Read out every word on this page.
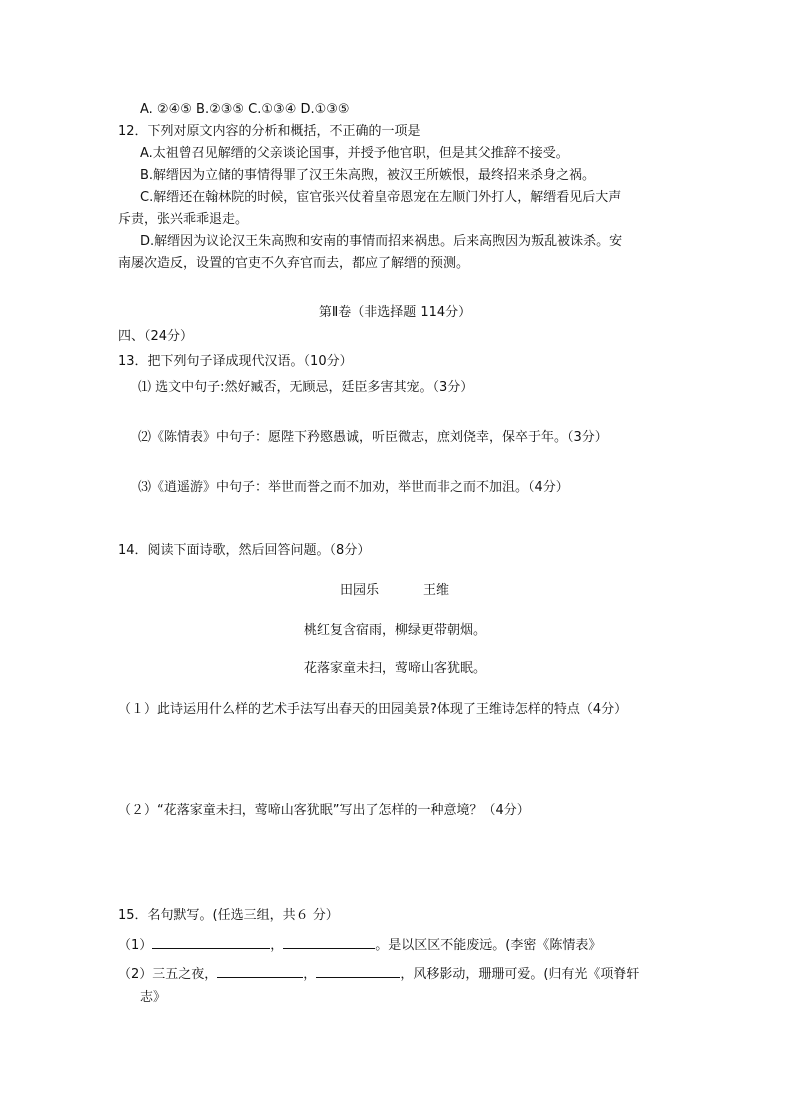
A. ②④⑤ B.②③⑤ C.①③④ D.①③⑤
12．下列对原文内容的分析和概括，不正确的一项是
A.太祖曾召见解缙的父亲谈论国事，并授予他官职，但是其父推辞不接受。
B.解缙因为立储的事情得罪了汉王朱高煦，被汉王所嫉恨，最终招来杀身之祸。
C.解缙还在翰林院的时候，宦官张兴仗着皇帝恩宠在左顺门外打人，解缙看见后大声
斥责，张兴乖乖退走。
D.解缙因为议论汉王朱高煦和安南的事情而招来祸患。后来高煦因为叛乱被诛杀。安
南屡次造反，设置的官吏不久弃官而去，都应了解缙的预测。
第Ⅱ卷（非选择题 114分）
四、（24分）
13．把下列句子译成现代汉语。（10分）
⑴ 选文中句子:然好臧否，无顾忌，廷臣多害其宠。（3分）
⑵《陈情表》中句子：愿陛下矜愍愚诚，听臣微志，庶刘侥幸，保卒于年。（3分）
⑶《逍遥游》中句子：举世而誉之而不加劝，举世而非之而不加沮。（4分）
14．阅读下面诗歌，然后回答问题。（8分）
田园乐	王维
桃红复含宿雨，柳绿更带朝烟。
花落家童未扫，莺啼山客犹眠。
（１）此诗运用什么样的艺术手法写出春天的田园美景?体现了王维诗怎样的特点（4分）
（２）“花落家童未扫，莺啼山客犹眠”写出了怎样的一种意境？（4分）
15．名句默写。(任选三组，共６ 分）
（1）	，	。是以区区不能废远。(李密《陈情表》
（2）三五之夜，	，	，风移影动，珊珊可爱。(归有光《项脊轩
志》
